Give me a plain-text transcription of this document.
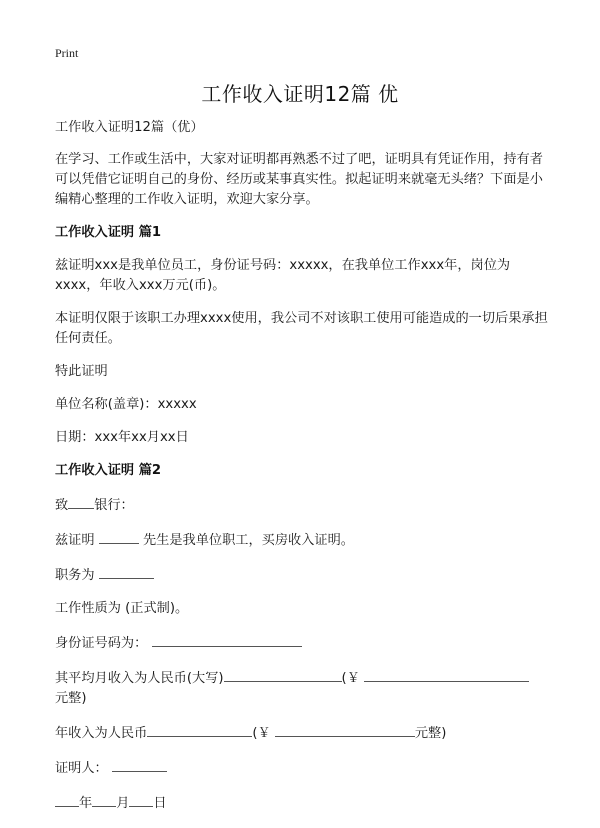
Print
工作收入证明12篇 优
工作收入证明12篇（优）
在学习、工作或生活中，大家对证明都再熟悉不过了吧，证明具有凭证作用，持有者可以凭借它证明自己的身份、经历或某事真实性。拟起证明来就毫无头绪？下面是小编精心整理的工作收入证明，欢迎大家分享。
工作收入证明 篇1
兹证明xxx是我单位员工，身份证号码：xxxxx，在我单位工作xxx年，岗位为xxxx，年收入xxx万元(币)。
本证明仅限于该职工办理xxxx使用，我公司不对该职工使用可能造成的一切后果承担任何责任。
特此证明
单位名称(盖章)：xxxxx
日期：xxx年xx月xx日
工作收入证明 篇2
致 银行：
兹证明	先生是我单位职工，买房收入证明。
职务为
工作性质为 (正式制)。
身份证号码为：
其平均月收入为人民币(大写)	(￥
元整)
年收入为人民币	(￥	元整)
证明人：
年 月 日
